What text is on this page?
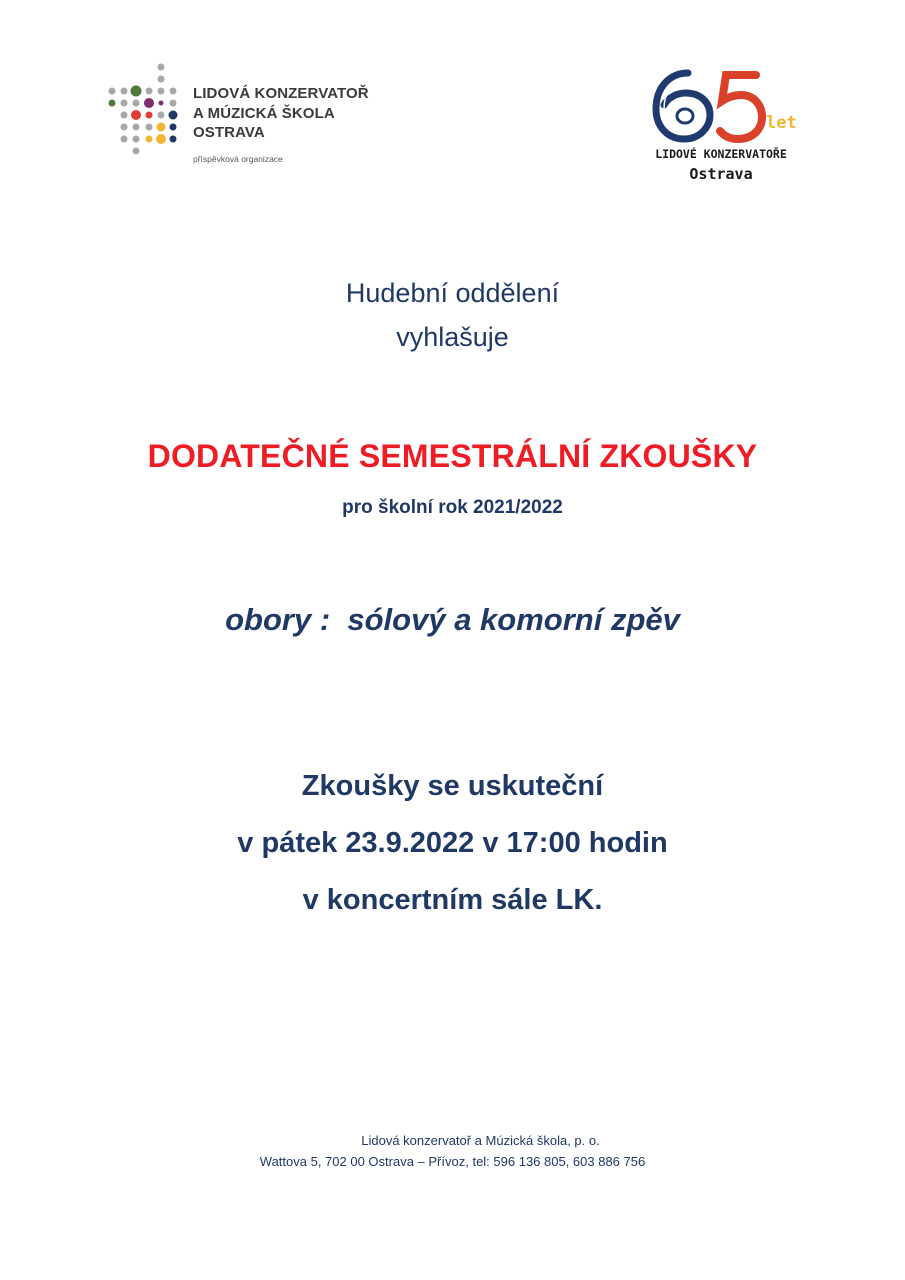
LIDOVÁ KONZERVATOŘ
A MÚZICKÁ ŠKOLA
OSTRAVA
příspěvková organizace
let
LIDOVÉ KONZERVATOŘE
Ostrava
Hudební oddělení
vyhlašuje
DODATEČNÉ SEMESTRÁLNÍ ZKOUŠKY
pro školní rok 2021/2022
obory :  sólový a komorní zpěv
Zkoušky se uskuteční
v pátek 23.9.2022 v 17:00 hodin
v koncertním sále LK.
Lidová konzervatoř a Múzická škola, p. o.
Wattova 5, 702 00 Ostrava – Přívoz, tel: 596 136 805, 603 886 756
